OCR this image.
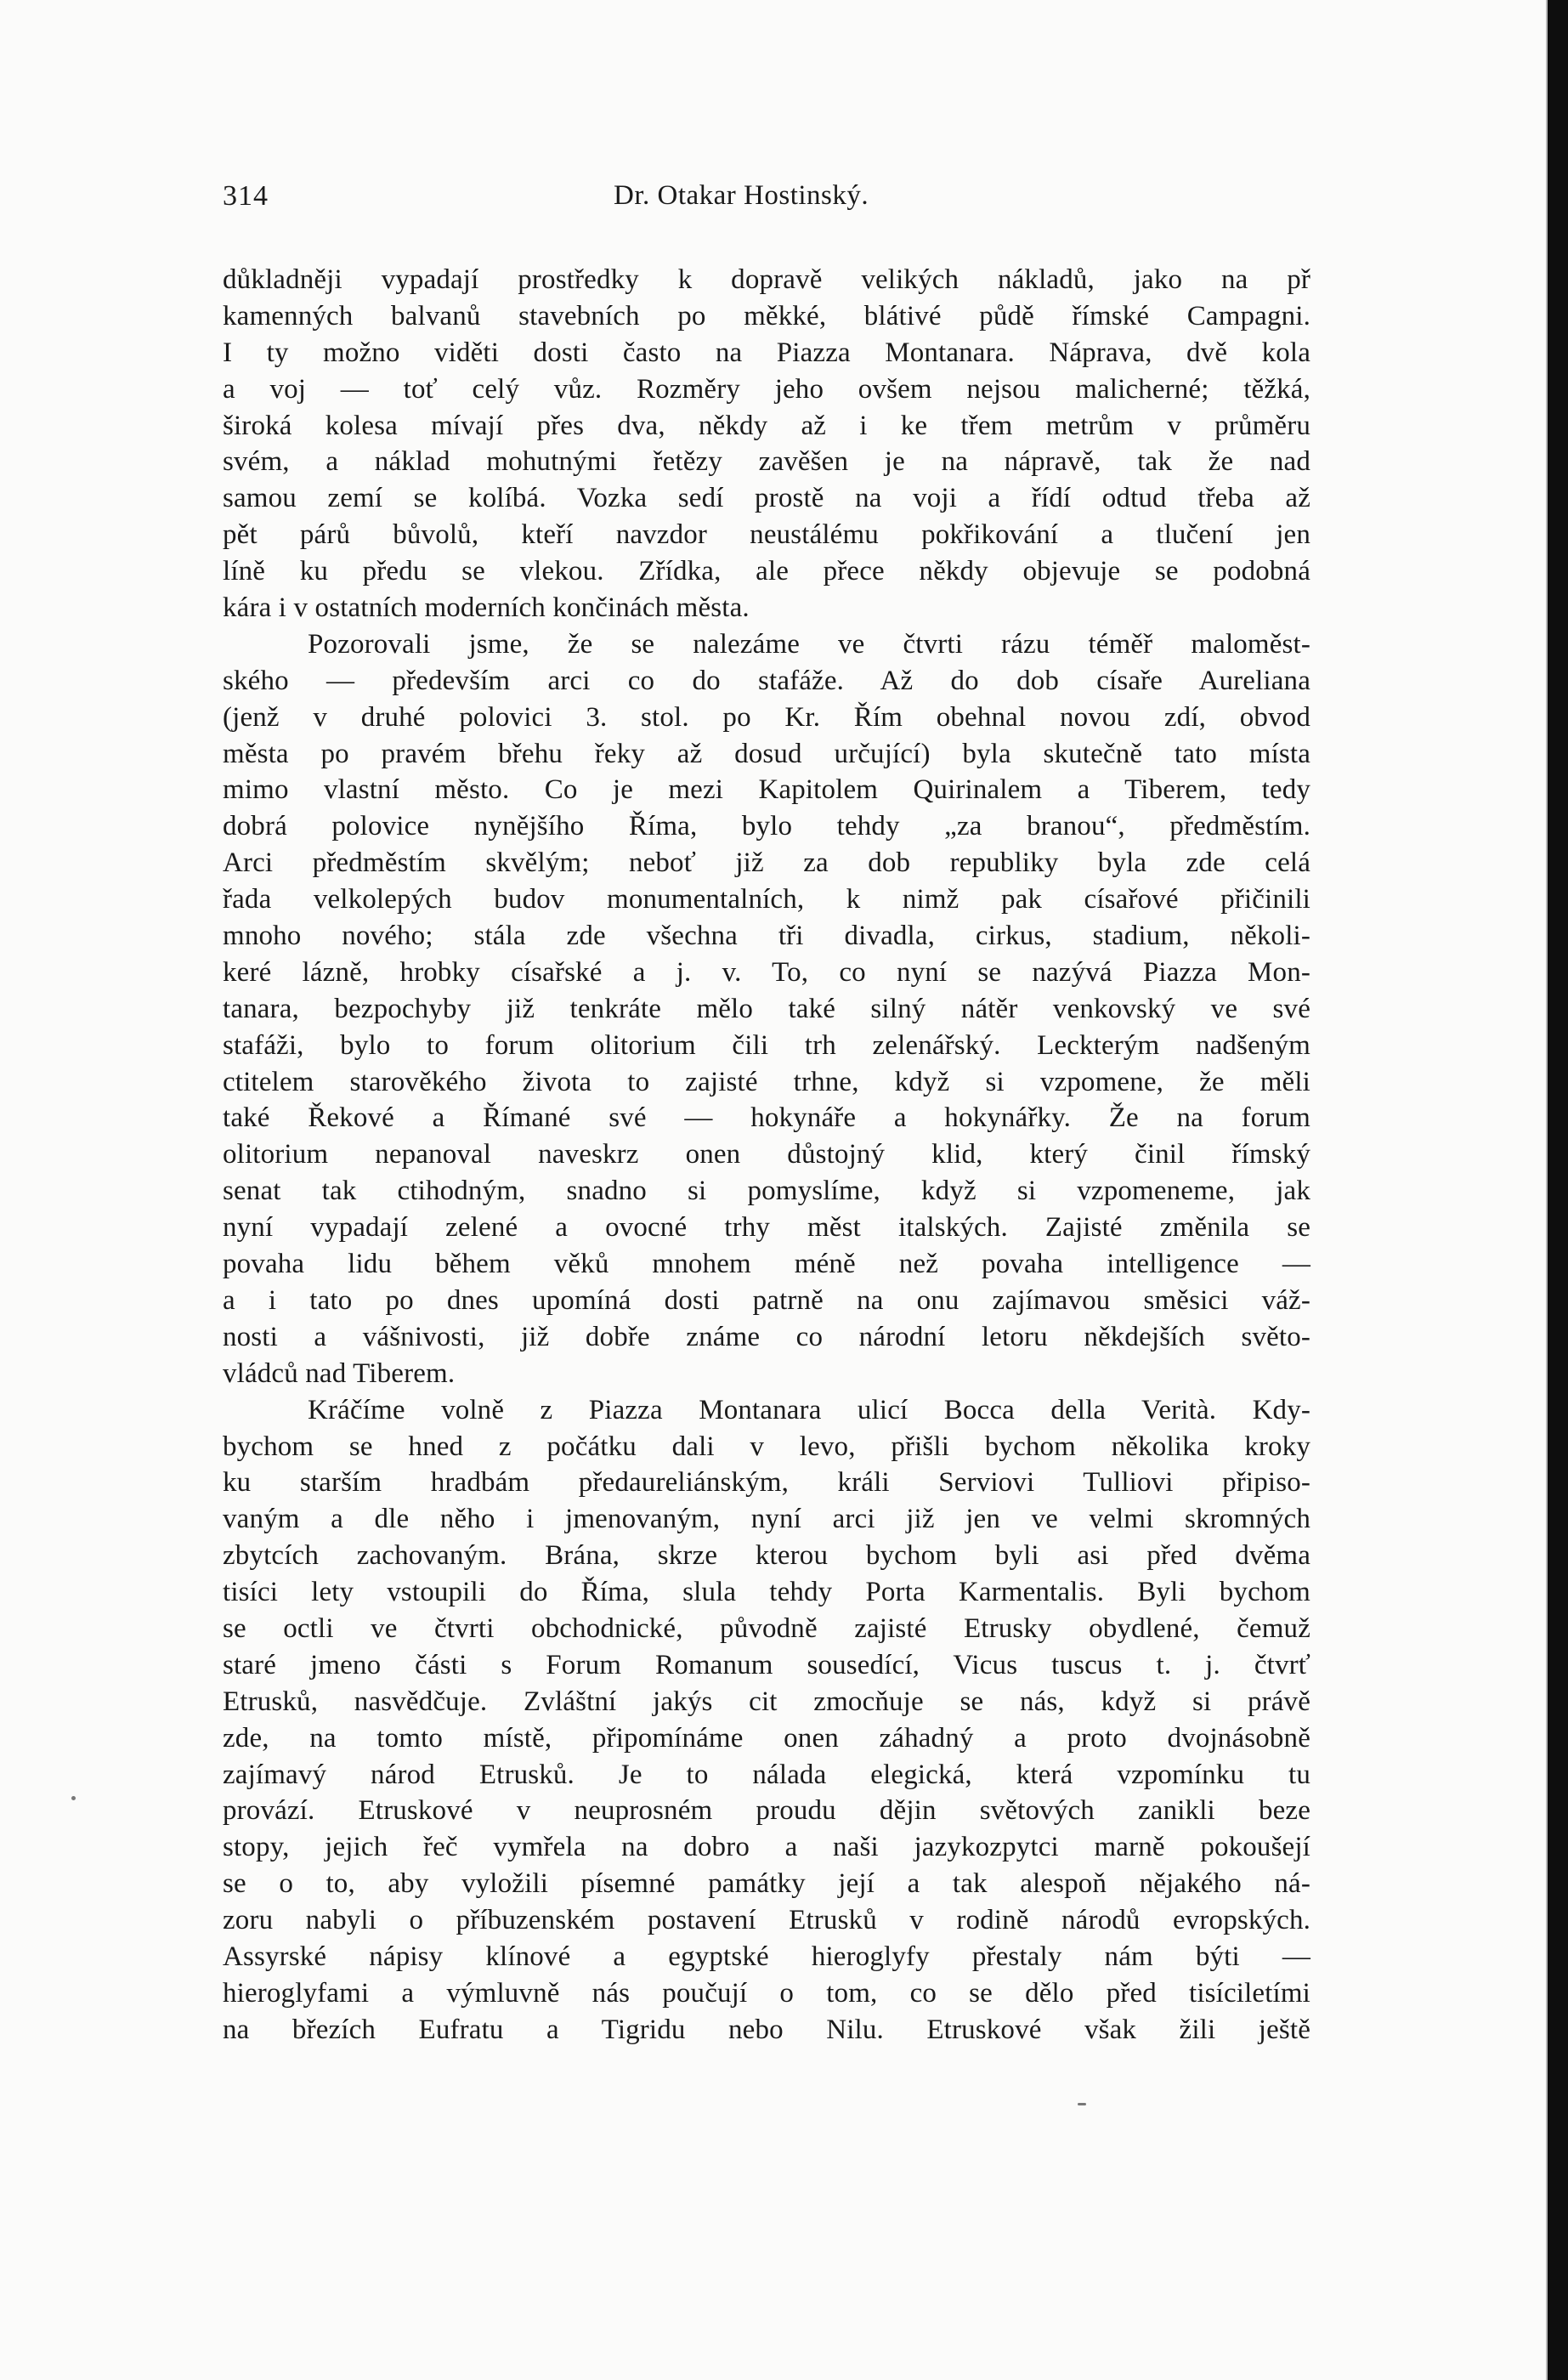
314	Dr. Otakar Hostinský.
důkladněji vypadají prostředky k dopravě velikých nákladů, jako na př
kamenných balvanů stavebních po měkké, blátivé půdě římské Campagni.
I ty možno viděti dosti často na Piazza Montanara. Náprava, dvě kola
a voj — toť celý vůz. Rozměry jeho ovšem nejsou malicherné; těžká,
široká kolesa mívají přes dva, někdy až i ke třem metrům v průměru
svém, a náklad mohutnými řetězy zavěšen je na nápravě, tak že nad
samou zemí se kolíbá. Vozka sedí prostě na voji a řídí odtud třeba až
pět párů bůvolů, kteří navzdor neustálému pokřikování a tlučení jen
líně ku předu se vlekou. Zřídka, ale přece někdy objevuje se podobná
kára i v ostatních moderních končinách města.
Pozorovali jsme, že se nalezáme ve čtvrti rázu téměř maloměst-
ského — především arci co do stafáže. Až do dob císaře Aureliana
(jenž v druhé polovici 3. stol. po Kr. Řím obehnal novou zdí, obvod
města po pravém břehu řeky až dosud určující) byla skutečně tato místa
mimo vlastní město. Co je mezi Kapitolem Quirinalem a Tiberem, tedy
dobrá polovice nynějšího Říma, bylo tehdy „za branou“, předměstím.
Arci předměstím skvělým; neboť již za dob republiky byla zde celá
řada velkolepých budov monumentalních, k nimž pak císařové přičinili
mnoho nového; stála zde všechna tři divadla, cirkus, stadium, několi-
keré lázně, hrobky císařské a j. v. To, co nyní se nazývá Piazza Mon-
tanara, bezpochyby již tenkráte mělo také silný nátěr venkovský ve své
stafáži, bylo to forum olitorium čili trh zelenářský. Leckterým nadšeným
ctitelem starověkého života to zajisté trhne, když si vzpomene, že měli
také Řekové a Římané své — hokynáře a hokynářky. Že na forum
olitorium nepanoval naveskrz onen důstojný klid, který činil římský
senat tak ctihodným, snadno si pomyslíme, když si vzpomeneme, jak
nyní vypadají zelené a ovocné trhy měst italských. Zajisté změnila se
povaha lidu během věků mnohem méně než povaha intelligence —
a i tato po dnes upomíná dosti patrně na onu zajímavou směsici váž-
nosti a vášnivosti, již dobře známe co národní letoru někdejších světo-
vládců nad Tiberem.
Kráčíme volně z Piazza Montanara ulicí Bocca della Verità. Kdy-
bychom se hned z počátku dali v levo, přišli bychom několika kroky
ku starším hradbám předaureliánským, králi Serviovi Tulliovi připiso-
vaným a dle něho i jmenovaným, nyní arci již jen ve velmi skromných
zbytcích zachovaným. Brána, skrze kterou bychom byli asi před dvěma
tisíci lety vstoupili do Říma, slula tehdy Porta Karmentalis. Byli bychom
se octli ve čtvrti obchodnické, původně zajisté Etrusky obydlené, čemuž
staré jmeno části s Forum Romanum sousedící, Vicus tuscus t. j. čtvrť
Etrusků, nasvědčuje. Zvláštní jakýs cit zmocňuje se nás, když si právě
zde, na tomto místě, připomínáme onen záhadný a proto dvojnásobně
zajímavý národ Etrusků. Je to nálada elegická, která vzpomínku tu
provází. Etruskové v neuprosném proudu dějin světových zanikli beze
stopy, jejich řeč vymřela na dobro a naši jazykozpytci marně pokoušejí
se o to, aby vyložili písemné památky její a tak alespoň nějakého ná-
zoru nabyli o příbuzenském postavení Etrusků v rodině národů evropských.
Assyrské nápisy klínové a egyptské hieroglyfy přestaly nám býti —
hieroglyfami a výmluvně nás poučují o tom, co se dělo před tisíciletími
na březích Eufratu a Tigridu nebo Nilu. Etruskové však žili ještě
